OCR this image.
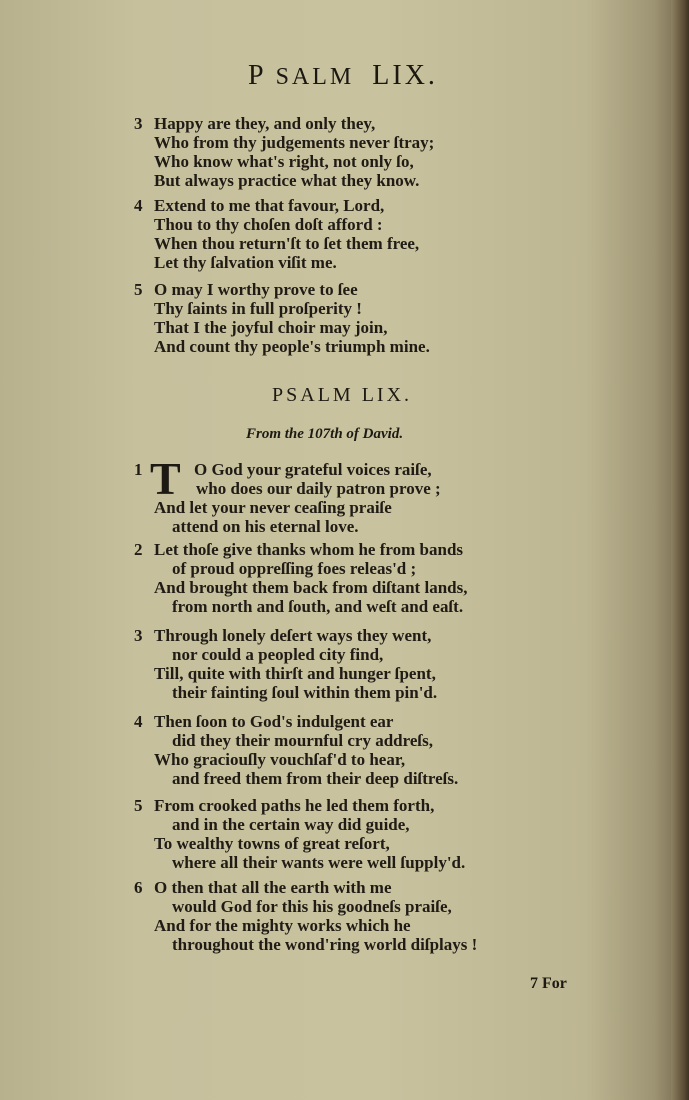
P SALM LIX.
3 Happy are they, and only they,
Who from thy judgements never ſtray;
Who know what's right, not only ſo,
But always practice what they know.
4 Extend to me that favour, Lord,
Thou to thy choſen doſt afford :
When thou return'ſt to ſet them free,
Let thy ſalvation viſit me.
5 O may I worthy prove to ſee
Thy ſaints in full proſperity !
That I the joyful choir may join,
And count thy people's triumph mine.
PSALM LIX.
From the 107th of David.
T
1	O God your grateful voices raiſe,
who does our daily patron prove ;
And let your never ceaſing praiſe
attend on his eternal love.
2 Let thoſe give thanks whom he from bands
of proud oppreſſing foes releas'd ;
And brought them back from diſtant lands,
from north and ſouth, and weſt and eaſt.
3 Through lonely deſert ways they went,
nor could a peopled city find,
Till, quite with thirſt and hunger ſpent,
their fainting ſoul within them pin'd.
4 Then ſoon to God's indulgent ear
did they their mournful cry addreſs,
Who graciouſly vouchſaf'd to hear,
and freed them from their deep diſtreſs.
5 From crooked paths he led them forth,
and in the certain way did guide,
To wealthy towns of great reſort,
where all their wants were well ſupply'd.
6 O then that all the earth with me
would God for this his goodneſs praiſe,
And for the mighty works which he
throughout the wond'ring world diſplays !
7 For
